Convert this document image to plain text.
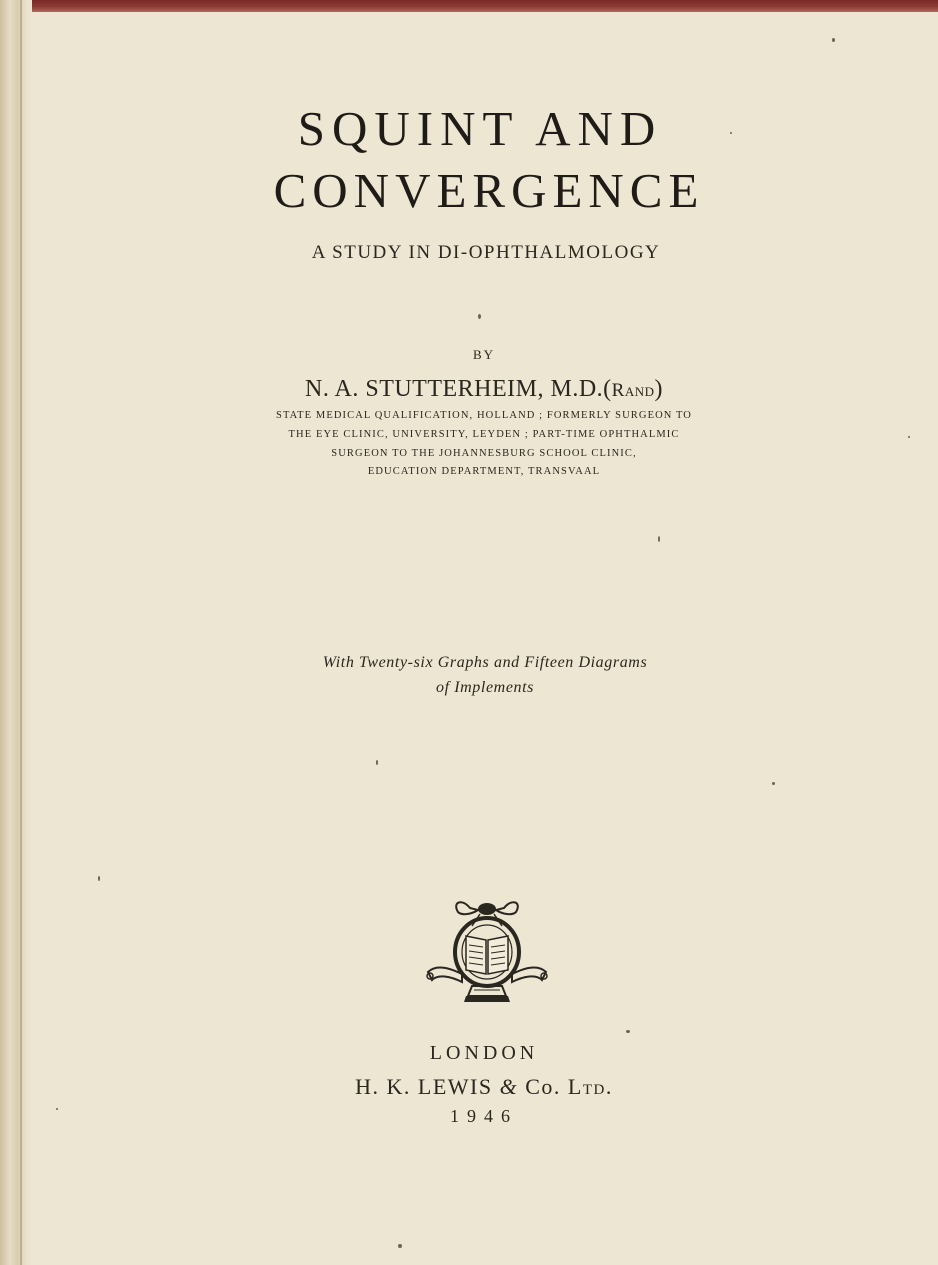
SQUINT AND
CONVERGENCE
A STUDY IN DI-OPHTHALMOLOGY
BY
N. A. STUTTERHEIM, M.D.(Rand)
STATE MEDICAL QUALIFICATION, HOLLAND ; FORMERLY SURGEON TO
THE EYE CLINIC, UNIVERSITY, LEYDEN ; PART-TIME OPHTHALMIC
SURGEON TO THE JOHANNESBURG SCHOOL CLINIC,
EDUCATION DEPARTMENT, TRANSVAAL
With Twenty-six Graphs and Fifteen Diagrams
of Implements
LONDON
H. K. LEWIS & Co. Ltd.
1946
